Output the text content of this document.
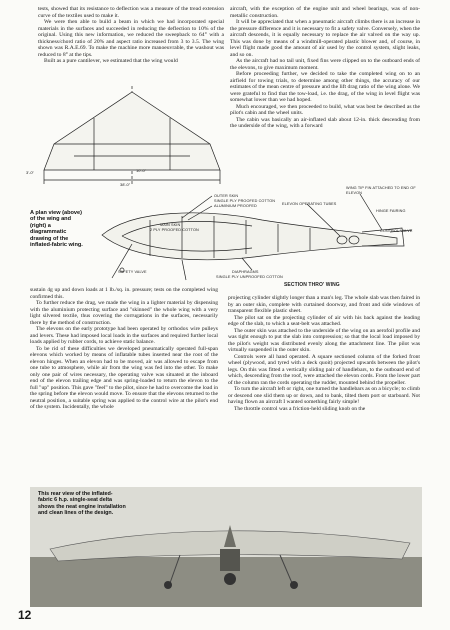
tests, showed that its resistance to deflection was a measure of the tread extension curve of the textiles used to make it.

We were then able to build a beam in which we had incorporated special materials in the surfaces and succeeded in reducing the deflection to 10% of the original. Using this new information, we reduced the sweepback to 64° with a thickness/chord ratio of 20% and aspect ratio increased from 3 to 3.5. The wing shown was R.A.E.69. To make the machine more manoeuvrable, the washout was reduced to 8° at the tips.

Built as a pure cantilever, we estimated that the wing would

aircraft, with the exception of the engine unit and wheel bearings, was of non-metallic construction.

It will be appreciated that when a pneumatic aircraft climbs there is an increase in the pressure difference and it is necessary to fit a safety valve. Conversely, when the aircraft descends, it is equally necessary to replace the air valved on the way up. This was done by means of a windmill-operated plastic blower and, of course, in level flight made good the amount of air used by the control system, slight leaks, and so on.

As the aircraft had no tail unit, fixed fins were clipped on to the outboard ends of the elevons, to give maximum moment.

Before proceeding further, we decided to take the completed wing on to an airfield for towing trials, to determine among other things, the accuracy of our estimates of the mean centre of pressure and the lift drag ratio of the wing alone. We were grateful to find that the tow-load, i.e. the drag, of the wing in level flight was somewhat lower than we had hoped.

Much encouraged, we then proceeded to build, what was best be described as the pilot's cabin and the wheel units.

The cabin was basically an air-inflated slab about 12-in. thick descending from the underside of the wing, with a forward

38'-0"
10'-0"
3'-0"
WING TIP FIN ATTACHED TO END OF ELEVON
OUTER SKIN
SINGLE PLY PROOFED COTTON
ALUMINIUM PROOFED
MAIN SKIN
2 PLY PROOFED COTTON
ELEVON OPERATING TUBES
HINGE FAIRING
CONTROL VALVE
SAFETY VALVE	DIAPHRAGMS
SINGLE PLY UNPROOFED COTTON
SECTION THRO' WING
A plan view (above) of the wing and (right) a diagrammatic drawing of the inflated-fabric wing.

sustain 4g up and down loads at 1 lb./sq. in. pressure; tests on the completed wing confirmed this.

To further reduce the drag, we made the wing in a lighter material by dispensing with the aluminium protecting surface and "skinned" the whole wing with a very light silvered textile, thus covering the corrugations in the surfaces, necessarily there by the method of construction.

The elevons on the early prototype had been operated by orthodox wire pulleys and levers. These had imposed local loads in the surfaces and required further local loads applied by rubber cords, to achieve static balance.

To be rid of these difficulties we developed pneumatically operated full-span elevons which worked by means of inflatable tubes inserted near the root of the elevon hinges. When an elevon had to be moved, air was allowed to escape from one tube to atmosphere, while air from the wing was fed into the other. To make only one pair of wires necessary, the operating valve was situated at the inboard end of the elevon trailing edge and was spring-loaded to return the elevon to the full "up" position. This gave "feel" to the pilot, since he had to overcome the load in the spring before the elevon would move. To ensure that the elevons returned to the neutral position, a suitable spring was applied to the control wire at the pilot's end of the system. Incidentally, the whole

projecting cylinder slightly longer than a man's leg. The whole slab was then faired in by an outer skin, complete with curtained doorway, and front and side windows of transparent flexible plastic sheet.

The pilot sat on the projecting cylinder of air with his back against the leading edge of the slab, to which a seat-belt was attached.

The outer skin was attached to the underside of the wing on an aerofoil profile and was tight enough to put the slab into compression; so that the local load imposed by the pilot's weight was distributed evenly along the attachment line. The pilot was virtually suspended in the outer skin.

Controls were all hand operated. A square sectioned column of the forked front wheel (plywood, and tyred with a deck quoit) projected upwards between the pilot's legs. On this was fitted a vertically sliding pair of handlebars, to the outboard end of which, descending from the roof, were attached the elevon cords. From the lower part of the column ran the cords operating the rudder, mounted behind the propeller.

To turn the aircraft left or right, one turned the handlebars as on a bicycle; to climb or descend one slid them up or down, and to bank, tilted them port or starboard. Not having flown an aircraft I wanted something fairly simple!

The throttle control was a friction-held sliding knob on the

This rear view of the inflated-fabric 6 h.p. single-seat delta shows the neat engine installation and clean lines of the design.
12
